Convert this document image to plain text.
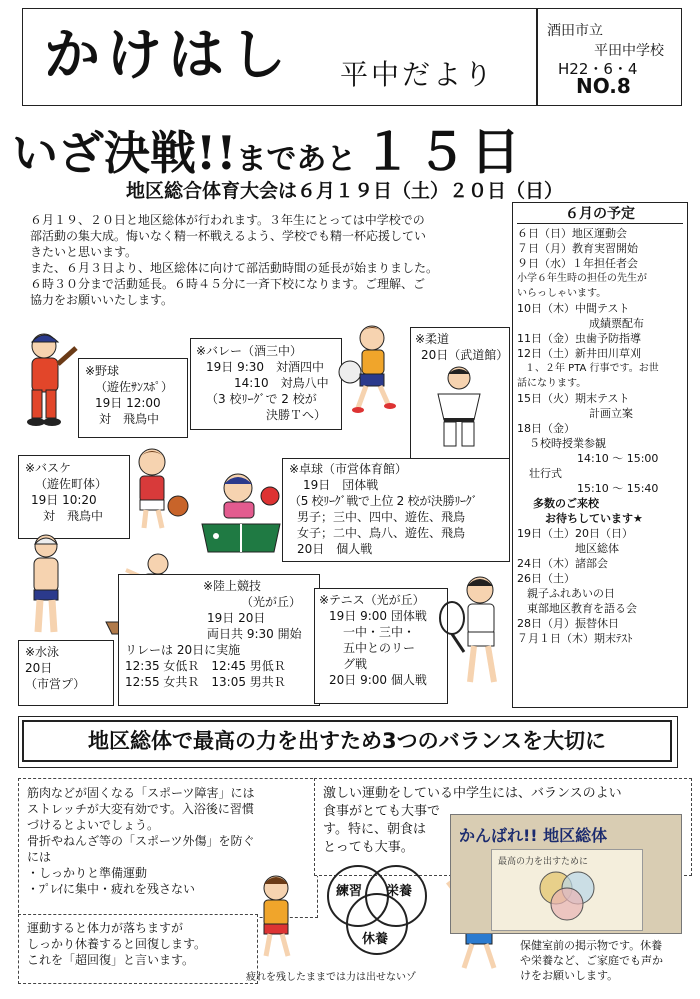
かけはし 平中だより
酒田市立
平田中学校
H22・6・4
NO.8
いざ決戦!!まであと １５日
地区総合体育大会は６月１９日（土）２０日（日）
６月１９、２０日と地区総体が行われます。３年生にとっては中学校での
部活動の集大成。悔いなく精一杯戦えるよう、学校でも精一杯応援してい
きたいと思います。
また、６月３日より、地区総体に向けて部活動時間の延長が始まりました。
６時３０分まで活動延長。６時４５分に一斉下校になります。ご理解、ご
協力をお願いいたします。
※野球
（遊佐ｻﾝｽﾎﾟ）
19日 12:00
対　飛鳥中
※バレー（酒三中）
19日 9:30　対酒四中
14:10　対鳥八中
（3 校ﾘｰｸﾞで 2 校が
決勝Ｔへ）
※柔道
20日（武道館）
※バスケ
（遊佐町体）
19日 10:20
対　飛鳥中
※卓球（市営体育館）
19日　団体戦
（5 校ﾘｰｸﾞ戦で上位 2 校が決勝ﾘｰｸﾞ
男子；三中、四中、遊佐、飛鳥
女子；二中、鳥八、遊佐、飛鳥
20日　個人戦
※陸上競技
（光が丘）
19日 20日
両日共 9:30 開始
リレーは 20日に実施
12:35 女低Ｒ　12:45 男低Ｒ
12:55 女共Ｒ　13:05 男共Ｒ
※テニス（光が丘）
19日 9:00 団体戦
一中・三中・
五中とのリー
グ戦
20日 9:00 個人戦
※水泳
20日
（市営プ）
６月の予定
６日（日）地区運動会
７日（月）教育実習開始
９日（水）１年担任者会
小学６年生時の担任の先生が
いらっしゃいます。
10日（木）中間テスト
成績票配布
11日（金）虫歯予防指導
12日（土）新井田川草刈
１、２年 PTA 行事です。お世
話になります。
15日（火）期末テスト
計画立案
18日（金）
５校時授業参観
14:10 ～ 15:00
壮行式
15:10 ～ 15:40
多数のご来校
お待ちしています★
19日（土）20日（日）
地区総体
24日（木）諸部会
26日（土）
親子ふれあいの日
東部地区教育を語る会
28日（月）振替休日
７月１日（木）期末ﾃｽﾄ
地区総体で最高の力を出すため3つのバランスを大切に
筋肉などが固くなる「スポーツ障害」には
ストレッチが大変有効です。入浴後に習慣
づけるとよいでしょう。
骨折やねんざ等の「スポーツ外傷」を防ぐ
には
・しっかりと準備運動
・ﾌﾟﾚｲに集中・疲れを残さない
激しい運動をしている中学生には、バランスのよい
食事がとても大事で
す。特に、朝食は
とっても大事。
運動すると体力が落ちますが
しっかり休養すると回復します。
これを「超回復」と言います。
練習 栄養
休養
かんばれ!! 地区総体
最高の力を出すために
保健室前の掲示物です。休養
や栄養など、ご家庭でも声か
けをお願いします。
疲れを残したままでは力は出せないゾ
